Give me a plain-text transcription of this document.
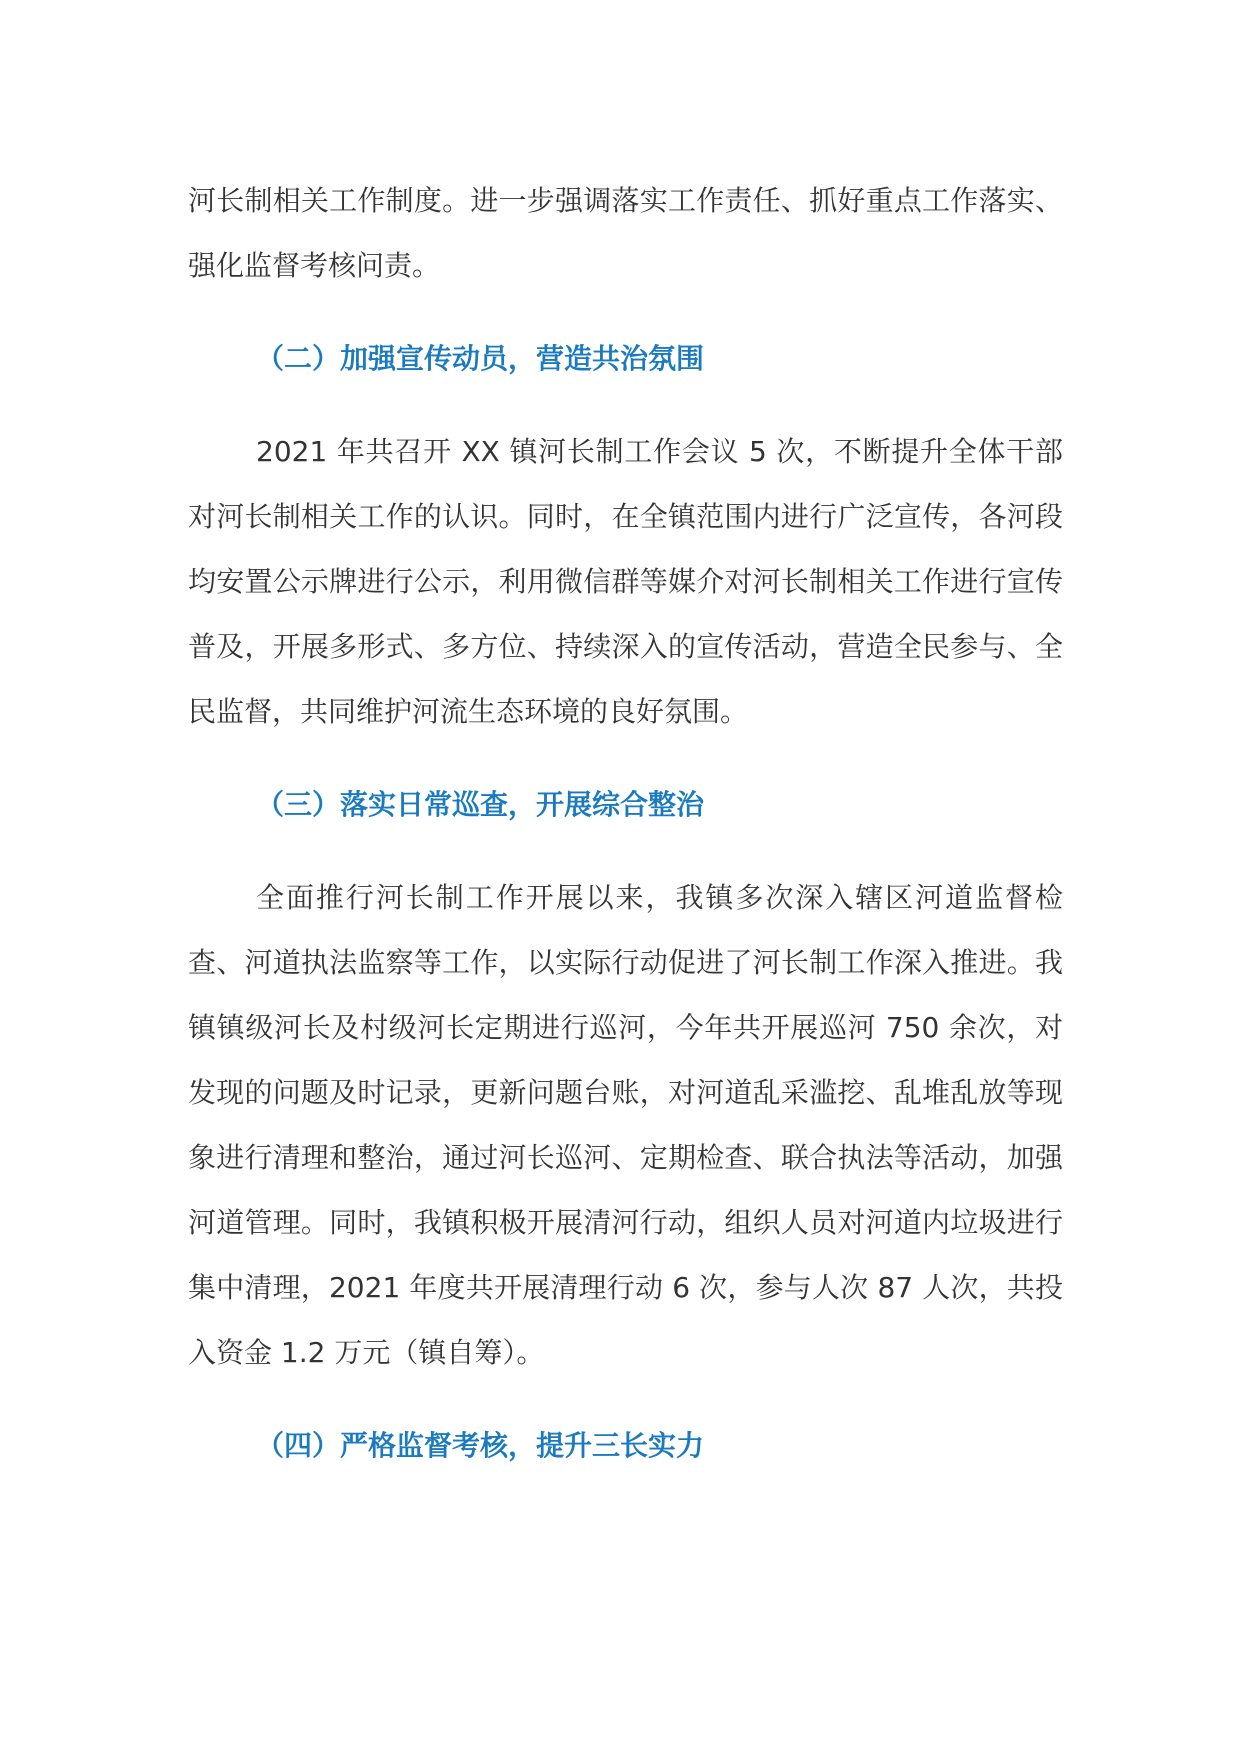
河长制相关工作制度。进一步强调落实工作责任、抓好重点工作落实、强化监督考核问责。

（二）加强宣传动员，营造共治氛围

2021 年共召开 XX 镇河长制工作会议 5 次，不断提升全体干部对河长制相关工作的认识。同时，在全镇范围内进行广泛宣传，各河段均安置公示牌进行公示，利用微信群等媒介对河长制相关工作进行宣传普及，开展多形式、多方位、持续深入的宣传活动，营造全民参与、全民监督，共同维护河流生态环境的良好氛围。

（三）落实日常巡查，开展综合整治

全面推行河长制工作开展以来，我镇多次深入辖区河道监督检查、河道执法监察等工作，以实际行动促进了河长制工作深入推进。我镇镇级河长及村级河长定期进行巡河，今年共开展巡河 750 余次，对发现的问题及时记录，更新问题台账，对河道乱采滥挖、乱堆乱放等现象进行清理和整治，通过河长巡河、定期检查、联合执法等活动，加强河道管理。同时，我镇积极开展清河行动，组织人员对河道内垃圾进行集中清理，2021 年度共开展清理行动 6 次，参与人次 87 人次，共投入资金 1.2 万元（镇自筹）。

（四）严格监督考核，提升三长实力
